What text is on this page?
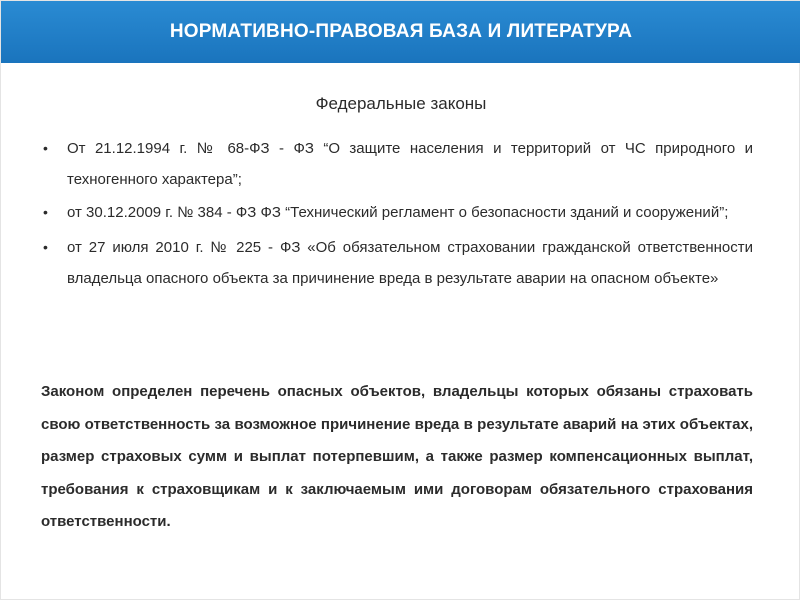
НОРМАТИВНО-ПРАВОВАЯ БАЗА И ЛИТЕРАТУРА
Федеральные законы
• От 21.12.1994 г. № 68-ФЗ - ФЗ “О защите населения и территорий от ЧС природного и техногенного характера”;
• от 30.12.2009 г. № 384 - ФЗ ФЗ “Технический регламент о безопасности зданий и сооружений”;
• от 27 июля 2010 г. № 225 - ФЗ «Об обязательном страховании гражданской ответственности владельца опасного объекта за причинение вреда в результате аварии на опасном объекте»
Законом определен перечень опасных объектов, владельцы которых обязаны страховать свою ответственность за возможное причинение вреда в результате аварий на этих объектах, размер страховых сумм и выплат потерпевшим, а также размер компенсационных выплат, требования к страховщикам и к заключаемым ими договорам обязательного страхования ответственности.
